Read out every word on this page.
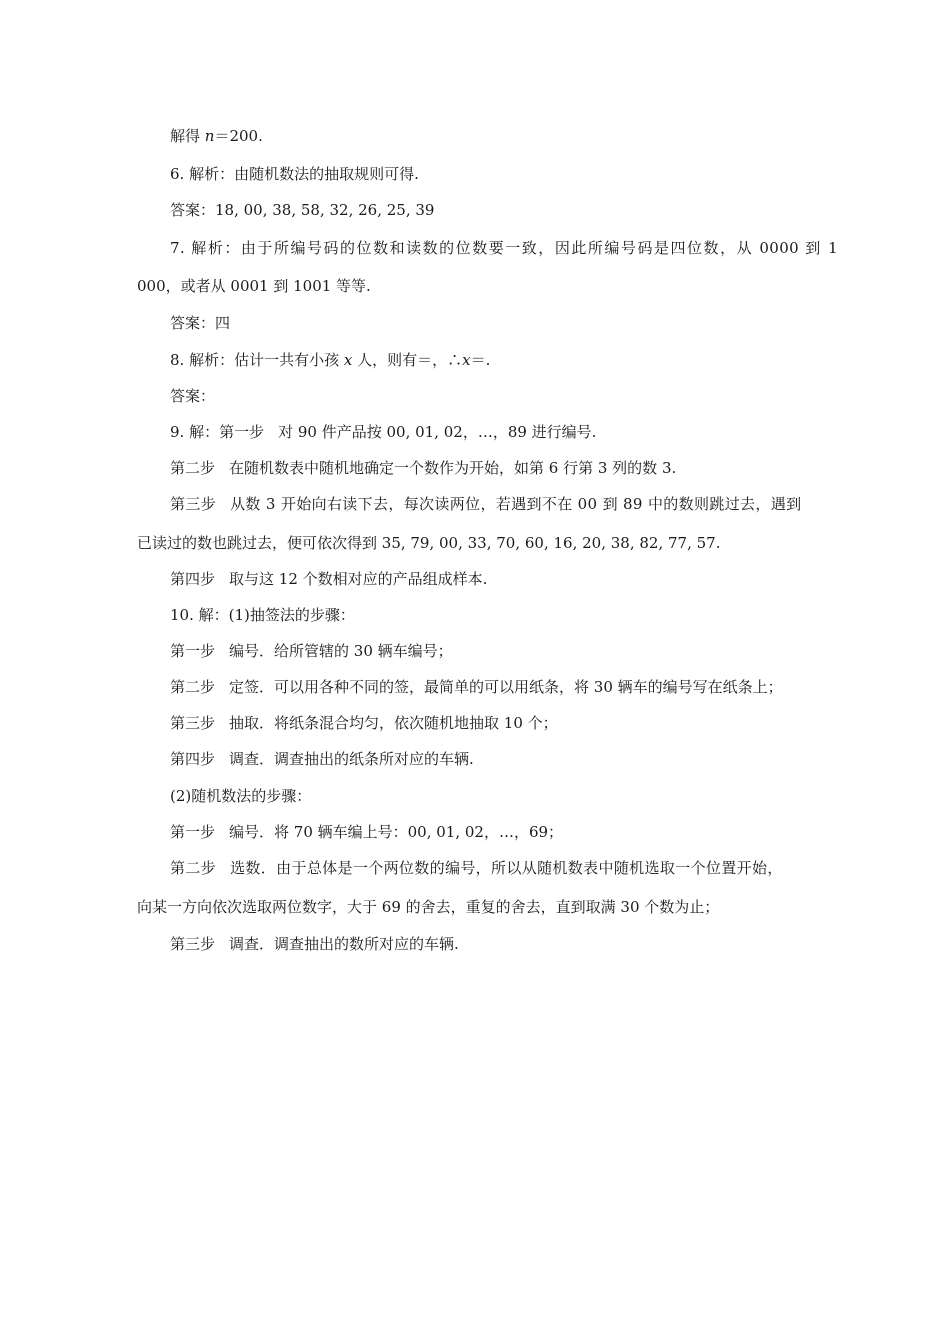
解得 n＝200.
6. 解析：由随机数法的抽取规则可得.
答案：18, 00, 38, 58, 32, 26, 25, 39
7. 解析：由于所编号码的位数和读数的位数要一致，因此所编号码是四位数，从 0000 到 1
000，或者从 0001 到 1001 等等.
答案：四
8. 解析：估计一共有小孩 x 人，则有＝，∴x＝.
答案：
9. 解：第一步 对 90 件产品按 00, 01, 02，…，89 进行编号.
第二步 在随机数表中随机地确定一个数作为开始，如第 6 行第 3 列的数 3.
第三步 从数 3 开始向右读下去，每次读两位，若遇到不在 00 到 89 中的数则跳过去，遇到
已读过的数也跳过去，便可依次得到 35, 79, 00, 33, 70, 60, 16, 20, 38, 82, 77, 57.
第四步 取与这 12 个数相对应的产品组成样本.
10. 解：(1)抽签法的步骤：
第一步 编号．给所管辖的 30 辆车编号；
第二步 定签．可以用各种不同的签，最简单的可以用纸条，将 30 辆车的编号写在纸条上；
第三步 抽取．将纸条混合均匀，依次随机地抽取 10 个；
第四步 调查．调查抽出的纸条所对应的车辆.
(2)随机数法的步骤：
第一步 编号．将 70 辆车编上号：00, 01, 02，…，69；
第二步 选数．由于总体是一个两位数的编号，所以从随机数表中随机选取一个位置开始，
向某一方向依次选取两位数字，大于 69 的舍去，重复的舍去，直到取满 30 个数为止；
第三步 调查．调查抽出的数所对应的车辆.
